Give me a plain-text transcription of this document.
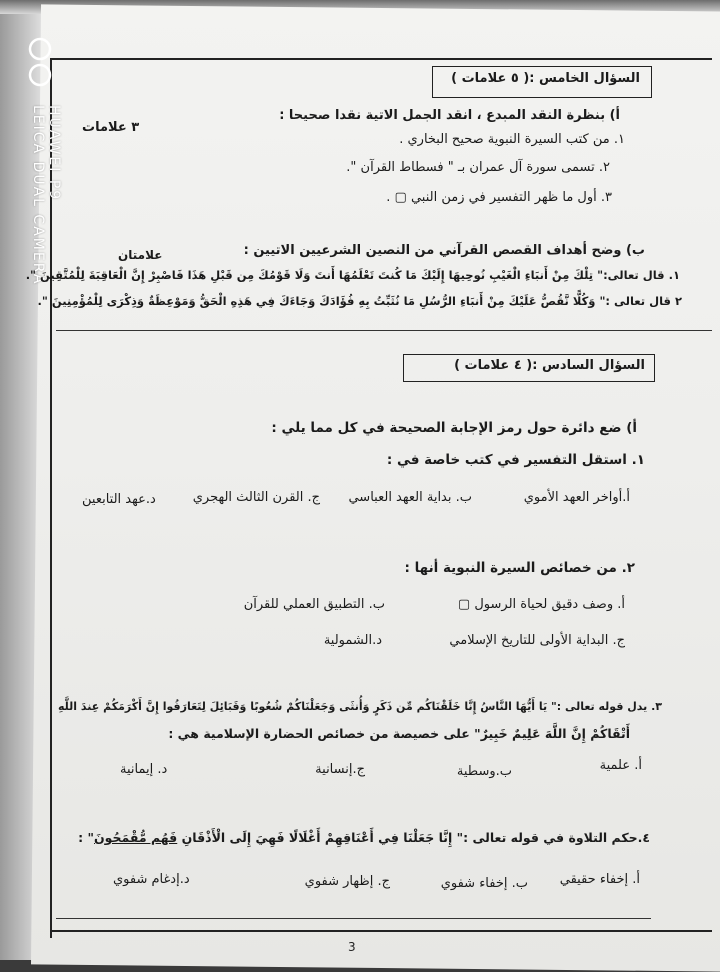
HUAWEI P9
LEICA DUAL CAMERA
السؤال الخامس :( ٥ علامات )
أ) بنظرة النقد المبدع ، انقد الجمل الاتية نقدا صحيحا :
٣ علامات
١. من كتب السيرة النبوية صحيح البخاري .
٢. تسمى سورة آل عمران بـ " فسطاط القرآن ".
٣. أول ما ظهر التفسير في زمن النبي ▢ .
ب) وضح أهداف القصص القرآني من النصين الشرعيين الاتيين :
علامتان
١. قال تعالى:" تِلْكَ مِنْ أَنبَاءِ الْغَيْبِ نُوحِيهَا إِلَيْكَ مَا كُنتَ تَعْلَمُهَا أَنتَ وَلَا قَوْمُكَ مِن قَبْلِ هَذَا فَاصْبِرْ إِنَّ الْعَاقِبَةَ لِلْمُتَّقِينَ ".
٢ قال تعالى :" وَكُلًّا نَّقُصُّ عَلَيْكَ مِنْ أَنبَاءِ الرُّسُلِ مَا نُثَبِّتُ بِهِ فُؤَادَكَ وَجَاءَكَ فِي هَذِهِ الْحَقُّ وَمَوْعِظَةٌ وَذِكْرَى لِلْمُؤْمِنِينَ ".
السؤال السادس :( ٤ علامات )
أ) ضع دائرة حول رمز الإجابة الصحيحة في كل مما يلي :
١. استقل التفسير في كتب خاصة في :
أ.أواخر العهد الأموي
ب. بداية العهد العباسي
ج. القرن الثالث الهجري
د.عهد التابعين
٢. من خصائص السيرة النبوية أنها :
أ. وصف دقيق لحياة الرسول ▢
ب. التطبيق العملي للقرآن
ج. البداية الأولى للتاريخ الإسلامي
د.الشمولية
٣. يدل قوله تعالى :" يَا أَيُّهَا النَّاسُ إِنَّا خَلَقْنَاكُم مِّن ذَكَرٍ وَأُنثَى وَجَعَلْنَاكُمْ شُعُوبًا وَقَبَائِلَ لِتَعَارَفُوا إِنَّ أَكْرَمَكُمْ عِندَ اللَّهِ
أَتْقَاكُمْ إِنَّ اللَّهَ عَلِيمٌ خَبِيرٌ" على خصيصة من خصائص الحضارة الإسلامية هي :
أ. علمية
ب.وسطية
ج.إنسانية
د. إيمانية
٤.حكم التلاوة في قوله تعالى :" إِنَّا جَعَلْنَا فِي أَعْنَاقِهِمْ أَغْلَالًا فَهِيَ إِلَى الْأَذْقَانِ فَهُم مُّقْمَحُونَ" :
أ. إخفاء حقيقي
ب. إخفاء شفوي
ج. إظهار شفوي
د.إدغام شفوي
3
